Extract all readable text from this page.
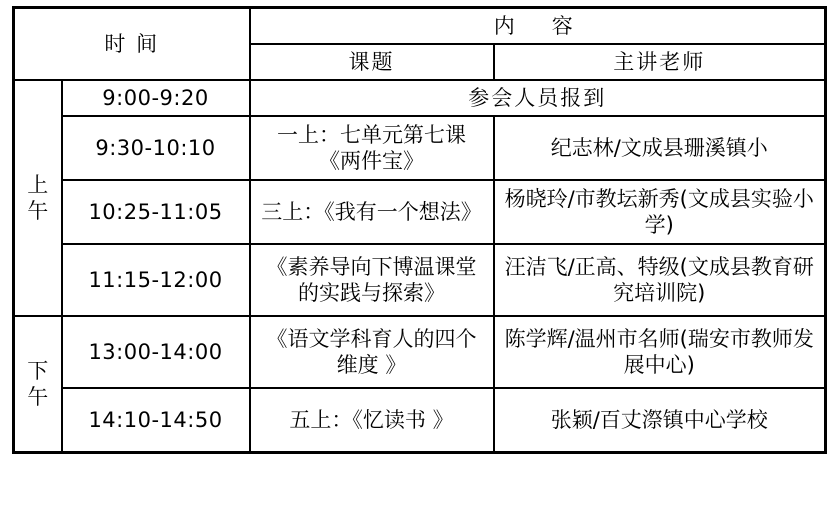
时 间		内　容	
		课题	主讲老师

上
午	9:00-9:20	参会人员报到	
	9:30-10:10	一上：七单元第七课《两件宝》	纪志林/文成县珊溪镇小
	10:25-11:05	三上：《我有一个想法》	杨晓玲/市教坛新秀(文成县实验小学)
	11:15-12:00	《素养导向下博温课堂的实践与探索》	汪洁飞/正高、特级(文成县教育研究培训院)

下
午	13:00-14:00	《语文学科育人的四个维度 》	陈学辉/温州市名师(瑞安市教师发展中心)
	14:10-14:50	五上：《忆读书 》	张颖/百丈漈镇中心学校
